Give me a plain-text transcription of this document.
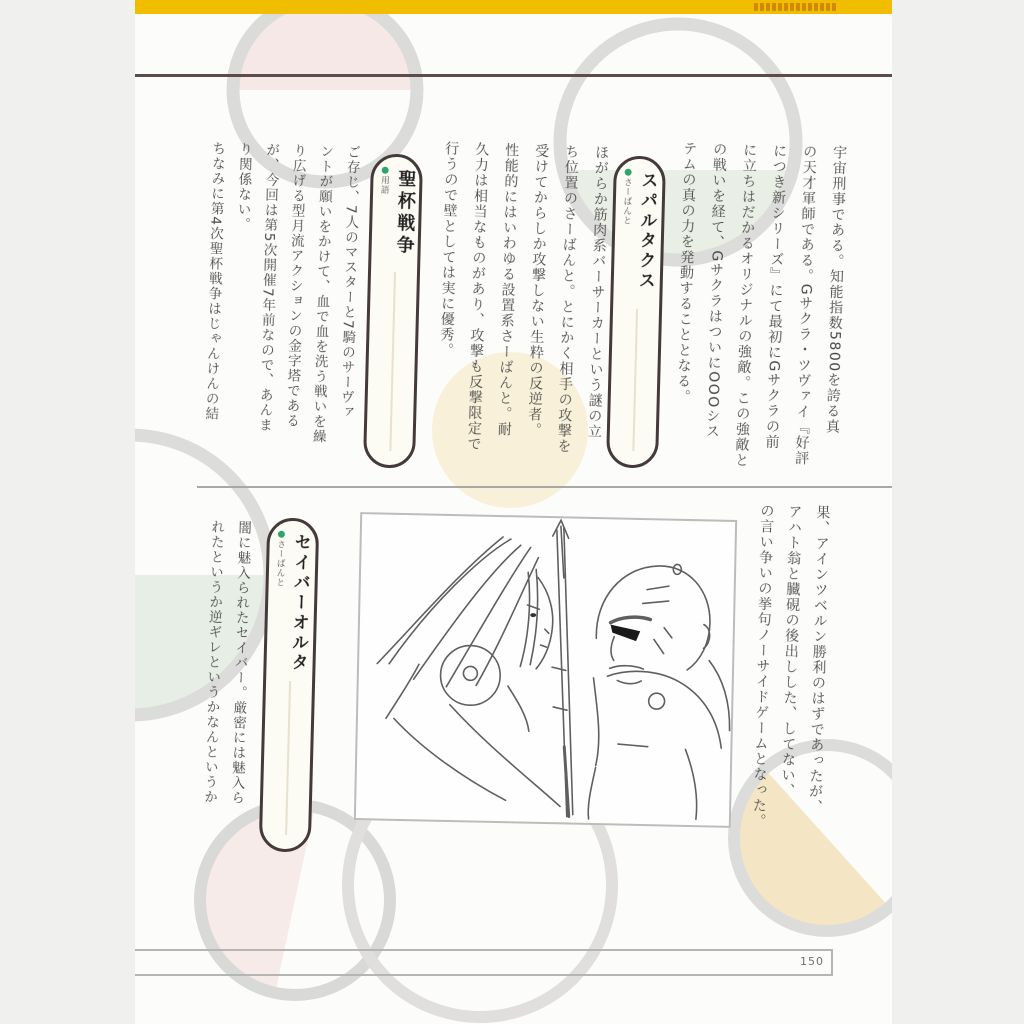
宇宙刑事である。知能指数5800を誇る真
の天才軍師である。Gサクラ・ツヴァイ『好評
につき新シリーズ』にて最初にGサクラの前
に立ちはだかるオリジナルの強敵。この強敵と
の戦いを経て、GサクラはついにOOOシス
テムの真の力を発動することとなる。
さーばんと スパルタクス
ほがらか筋肉系バーサーカーという謎の立
ち位置のさーばんと。とにかく相手の攻撃を
受けてからしか攻撃しない生粋の反逆者。
性能的にはいわゆる設置系さーばんと。耐
久力は相当なものがあり、攻撃も反撃限定で
行うので壁としては実に優秀。
用語 聖杯戦争
ご存じ、7人のマスターと7騎のサーヴァ
ントが願いをかけて、血で血を洗う戦いを繰
り広げる型月流アクションの金字塔である
が、今回は第5次開催7年前なので、あんま
り関係ない。
ちなみに第4次聖杯戦争はじゃんけんの結
果、アインツベルン勝利のはずであったが、
アハト翁と臓硯の後出しした、してない、
の言い争いの挙句ノーサイドゲームとなった。
さーばんと セイバーオルタ
闇に魅入られたセイバー。厳密には魅入ら
れたというか逆ギレというかなんというか
150
